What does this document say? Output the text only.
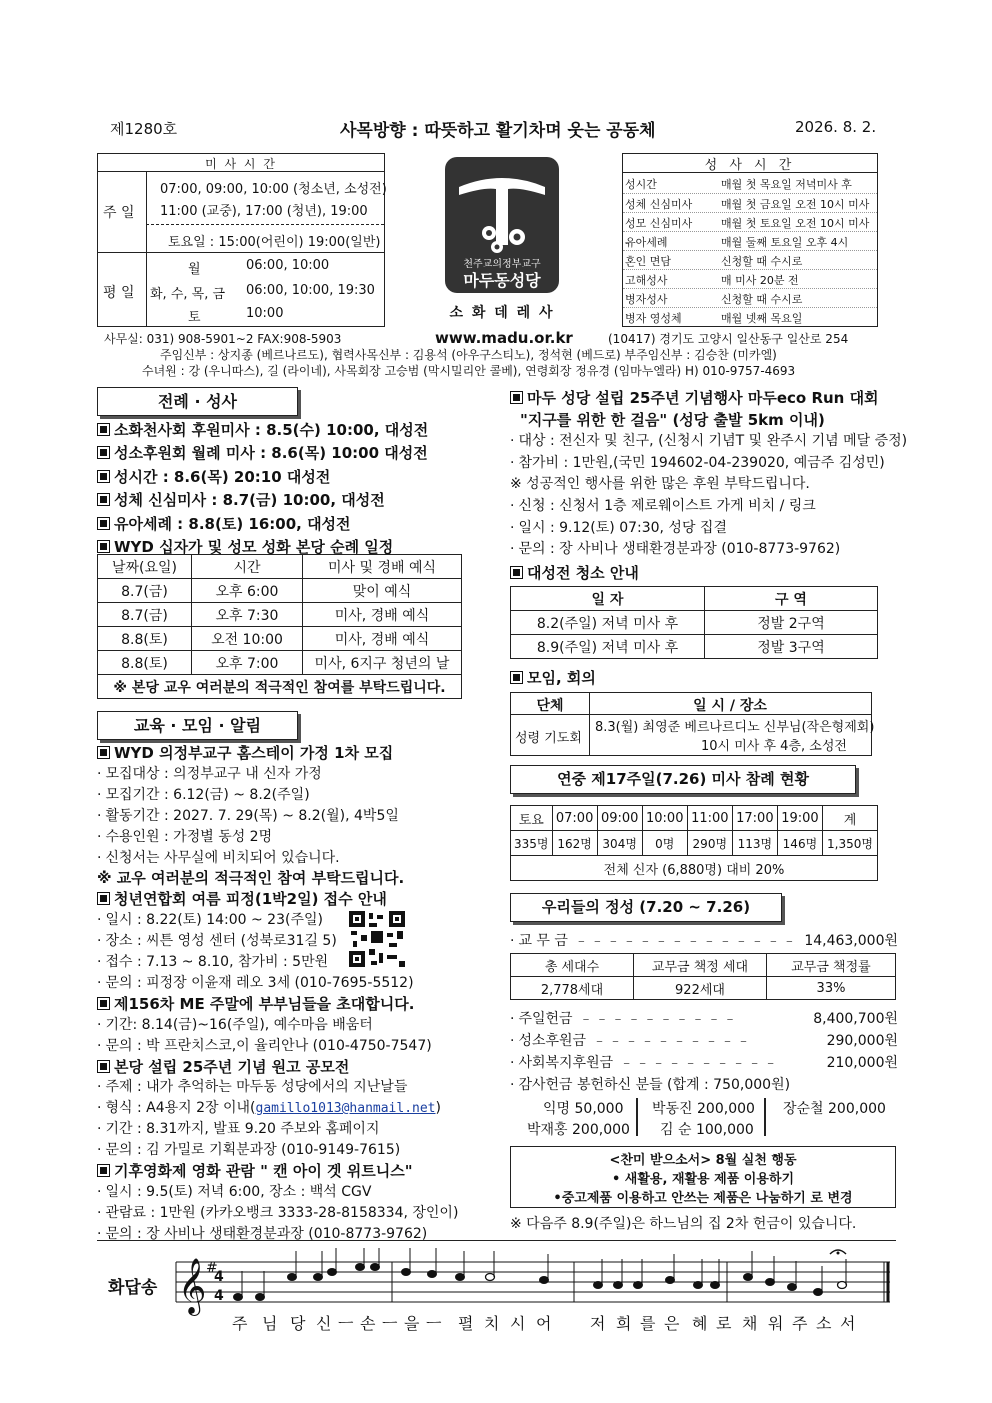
제1280호	사목방향 : 따뜻하고 활기차며 웃는 공동체	2026. 8. 2.
미 사 시 간
주 일
07:00, 09:00, 10:00 (청소년, 소성전)
11:00 (교중), 17:00 (청년), 19:00
토요일 : 15:00(어린이) 19:00(일반)
평 일
월	06:00, 10:00
화, 수, 목, 금 06:00, 10:00, 19:30
토	10:00
천주교의정부교구
마두동성당
소 화 데 레 사
성 사 시 간
성시간	매월 첫 목요일 저녁미사 후
성체 신심미사	매월 첫 금요일 오전 10시 미사
성모 신심미사	매월 첫 토요일 오전 10시 미사
유아세례	매월 둘째 토요일 오후 4시
혼인 면담	신청할 때 수시로
고해성사	매 미사 20분 전
병자성사	신청할 때 수시로
병자 영성체	매월 넷째 목요일
사무실: 031) 908-5901~2 FAX:908-5903	www.madu.or.kr	(10417) 경기도 고양시 일산동구 일산로 254
주임신부 : 상지종 (베르나르도), 협력사목신부 : 김용석 (아우구스티노), 정석현 (베드로) 부주임신부 : 김승찬 (미카엘)
수녀원 : 강 (우니따스), 길 (라이네), 사목회장 고승범 (막시밀리안 콜베), 연령회장 정유경 (임마누엘라) H) 010-9757-4693
전례 · 성사
소화천사회 후원미사 : 8.5(수) 10:00, 대성전
성소후원회 월례 미사 : 8.6(목) 10:00 대성전
성시간 : 8.6(목) 20:10 대성전
성체 신심미사 : 8.7(금) 10:00, 대성전
유아세례 : 8.8(토) 16:00, 대성전
WYD 십자가 및 성모 성화 본당 순례 일정
날짜(요일)	시간	미사 및 경배 예식
8.7(금)	오후 6:00	맞이 예식
8.7(금)	오후 7:30	미사, 경배 예식
8.8(토)	오전 10:00	미사, 경배 예식
8.8(토)	오후 7:00	미사, 6지구 청년의 날
※ 본당 교우 여러분의 적극적인 참여를 부탁드립니다.		
교육 · 모임 · 알림
WYD 의정부교구 홈스테이 가정 1차 모집
· 모집대상 : 의정부교구 내 신자 가정
· 모집기간 : 6.12(금) ~ 8.2(주일)
· 활동기간 : 2027. 7. 29(목) ~ 8.2(월), 4박5일
· 수용인원 : 가정별 동성 2명
· 신청서는 사무실에 비치되어 있습니다.
※ 교우 여러분의 적극적인 참여 부탁드립니다.
청년연합회 여름 피정(1박2일) 접수 안내
· 일시 : 8.22(토) 14:00 ~ 23(주일)
· 장소 : 씨튼 영성 센터 (성북로31길 5)
· 접수 : 7.13 ~ 8.10, 참가비 : 5만원
· 문의 : 피정장 이윤재 레오 3세 (010-7695-5512)
제156차 ME 주말에 부부님들을 초대합니다.
· 기간: 8.14(금)~16(주일), 예수마음 배움터
· 문의 : 박 프란치스코,이 율리안나 (010-4750-7547)
본당 설립 25주년 기념 원고 공모전
· 주제 : 내가 추억하는 마두동 성당에서의 지난날들
· 형식 : A4용지 2장 이내(gamillo1013@hanmail.net)
· 기간 : 8.31까지, 발표 9.20 주보와 홈페이지
· 문의 : 김 가밀로 기획분과장 (010-9149-7615)
기후영화제 영화 관람 " 캔 아이 겟 위트니스"
· 일시 : 9.5(토) 저녁 6:00, 장소 : 백석 CGV
· 관람료 : 1만원 (카카오뱅크 3333-28-8158334, 장인이)
· 문의 : 장 사비나 생태환경분과장 (010-8773-9762)
마두 성당 설립 25주년 기념행사 마두eco Run 대회
"지구를 위한 한 걸음" (성당 출발 5km 이내)
· 대상 : 전신자 및 친구, (신청시 기념T 및 완주시 기념 메달 증정)
· 참가비 : 1만원,(국민 194602-04-239020, 예금주 김성민)
※ 성공적인 행사를 위한 많은 후원 부탁드립니다.
· 신청 : 신청서 1층 제로웨이스트 가게 비치 / 링크
· 일시 : 9.12(토) 07:30, 성당 집결
· 문의 : 장 사비나 생태환경분과장 (010-8773-9762)
대성전 청소 안내
일 자	구 역
8.2(주일) 저녁 미사 후	정발 2구역
8.9(주일) 저녁 미사 후	정발 3구역
모임, 회의
단체	일 시 / 장소
성령 기도회
8.3(월) 최영준 베르나르디노 신부님(작은형제회)
10시 미사 후 4층, 소성전
연중 제17주일(7.26) 미사 참례 현황
토요	07:00	09:00	10:00	11:00	17:00	19:00	계
335명	162명	304명	0명	290명	113명	146명	1,350명
전체 신자 (6,880명) 대비 20%							
우리들의 정성 (7.20 ~ 7.26)
· 교 무 금 ﹣﹣﹣﹣﹣﹣﹣﹣﹣﹣﹣﹣﹣﹣ 14,463,000원
총 세대수	교무금 책정 세대	교무금 책정률
2,778세대	922세대	33%
· 주일헌금 ﹣﹣﹣﹣﹣﹣﹣﹣﹣﹣	8,400,700원
· 성소후원금 ﹣﹣﹣﹣﹣﹣﹣﹣﹣﹣	290,000원
· 사회복지후원금 ﹣﹣﹣﹣﹣﹣﹣﹣﹣﹣	210,000원
· 감사헌금 봉헌하신 분들 (합계 : 750,000원)
익명 50,000 박동진 200,000 장순철 200,000
박재홍 200,000 김 순 100,000
<찬미 받으소서> 8월 실천 행동
• 새활용, 재활용 제품 이용하기
•중고제품 이용하고 안쓰는 제품은 나눔하기 로 변경
※ 다음주 8.9(주일)은 하느님의 집 2차 헌금이 있습니다.
화답송 𝄞 #
4
4
주 님 당 신 ㅡ 손 ㅡ 을 ㅡ 펼 치 시 어 저 희 를 은 혜 로 채 워 주 소 서
